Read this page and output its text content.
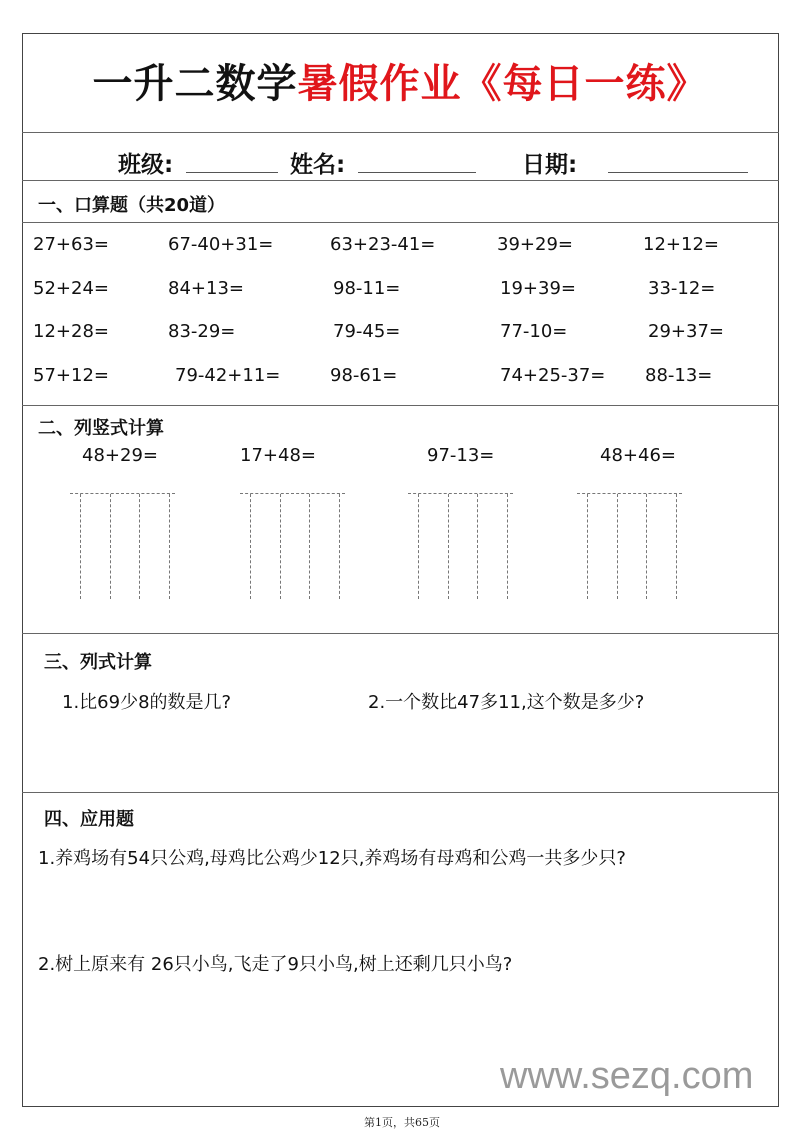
一升二数学暑假作业《每日一练》
班级:	姓名:	日期:
一、口算题（共20道）
27+63=	67-40+31=	63+23-41=	39+29=	12+12=
52+24=	84+13=	98-11=	19+39=	33-12=
12+28=	83-29=	79-45=	77-10=	29+37=
57+12=	79-42+11=	98-61=	74+25-37= 88-13=
二、列竖式计算
48+29=	17+48=	97-13=	48+46=
三、列式计算
1.比69少8的数是几?	2.一个数比47多11,这个数是多少?
四、应用题
1.养鸡场有54只公鸡,母鸡比公鸡少12只,养鸡场有母鸡和公鸡一共多少只?
2.树上原来有 26只小鸟,飞走了9只小鸟,树上还剩几只小鸟?
www.sezq.com
第1页，共65页
